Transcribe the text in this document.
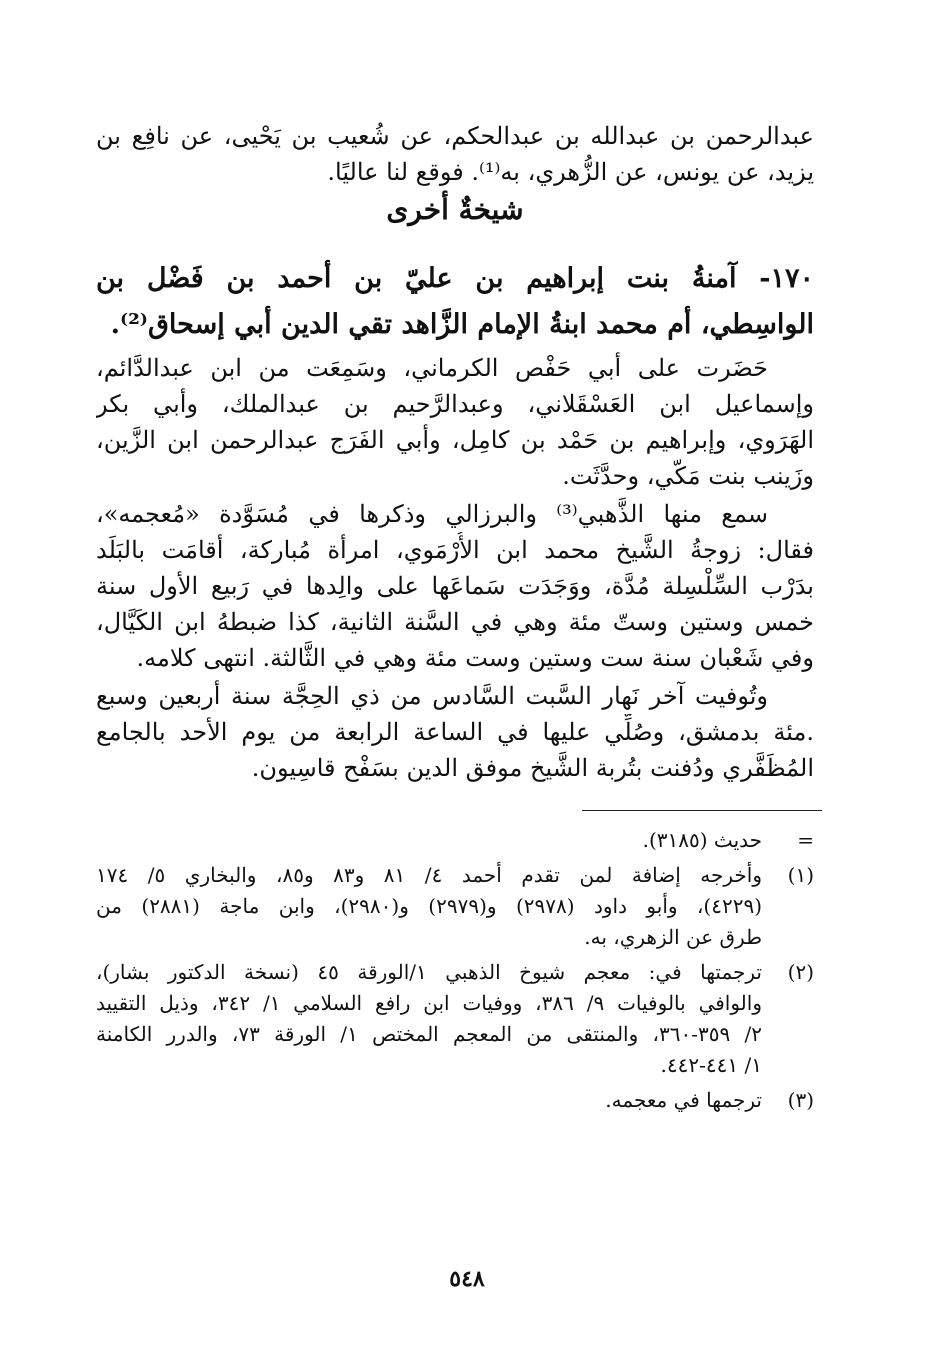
عبدالرحمن بن عبدالله بن عبدالحكم، عن شُعيب بن يَحْيى، عن نافِع بن
يزيد، عن يونس، عن الزُّهري، به⁽¹⁾. فوقع لنا عاليًا.
شيخةٌ أخرى
١٧٠- آمنةُ بنت إبراهيم بن عليّ بن أحمد بن فَضْل بن
الواسِطي، أم محمد ابنةُ الإمام الزَّاهد تقي الدين أبي إسحاق⁽²⁾.
حَضَرت على أبي حَفْص الكرماني، وسَمِعَت من ابن عبدالدَّائم،
وإسماعيل ابن العَسْقَلاني، وعبدالرَّحيم بن عبدالملك، وأبي بكر
الهَرَوي، وإبراهيم بن حَمْد بن كامِل، وأبي الفَرَج عبدالرحمن ابن الزَّين،
وزَينب بنت مَكّي، وحدَّثَت.
سمع منها الذَّهبي⁽³⁾ والبرزالي وذكرها في مُسَوَّدة «مُعجمه»،
فقال: زوجةُ الشَّيخ محمد ابن الأُرْمَوي، امرأة مُباركة، أقامَت بالبَلَد
بدَرْب السِّلْسِلة مُدَّة، ووَجَدَت سَماعَها على والِدها في رَبيع الأول سنة
خمس وستين وستّ مئة وهي في السَّنة الثانية، كذا ضبطهُ ابن الكَيَّال،
وفي شَعْبان سنة ست وستين وست مئة وهي في الثَّالثة. انتهى كلامه.
وتُوفيت آخر نَهار السَّبت السَّادس من ذي الحِجَّة سنة أربعين وسبع
.مئة بدمشق، وصُلِّي عليها في الساعة الرابعة من يوم الأحد بالجامع
المُظَفَّري ودُفنت بتُربة الشَّيخ موفق الدين بسَفْح قاسِيون.
=
حديث (٣١٨٥).
(١)
وأخرجه إضافة لمن تقدم أحمد ٤/ ٨١ و٨٣ و٨٥، والبخاري ٥/ ١٧٤
(٤٢٢٩)، وأبو داود (٢٩٧٨) و(٢٩٧٩) و(٢٩٨٠)، وابن ماجة (٢٨٨١) من
طرق عن الزهري، به.
(٢)
ترجمتها في: معجم شيوخ الذهبي ١/الورقة ٤٥ (نسخة الدكتور بشار)،
والوافي بالوفيات ٩/ ٣٨٦، ووفيات ابن رافع السلامي ١/ ٣٤٢، وذيل التقييد
٢/ ٣٥٩-٣٦٠، والمنتقى من المعجم المختص ١/ الورقة ٧٣، والدرر الكامنة
١/ ٤٤١-٤٤٢.
(٣)
ترجمها في معجمه.
٥٤٨
